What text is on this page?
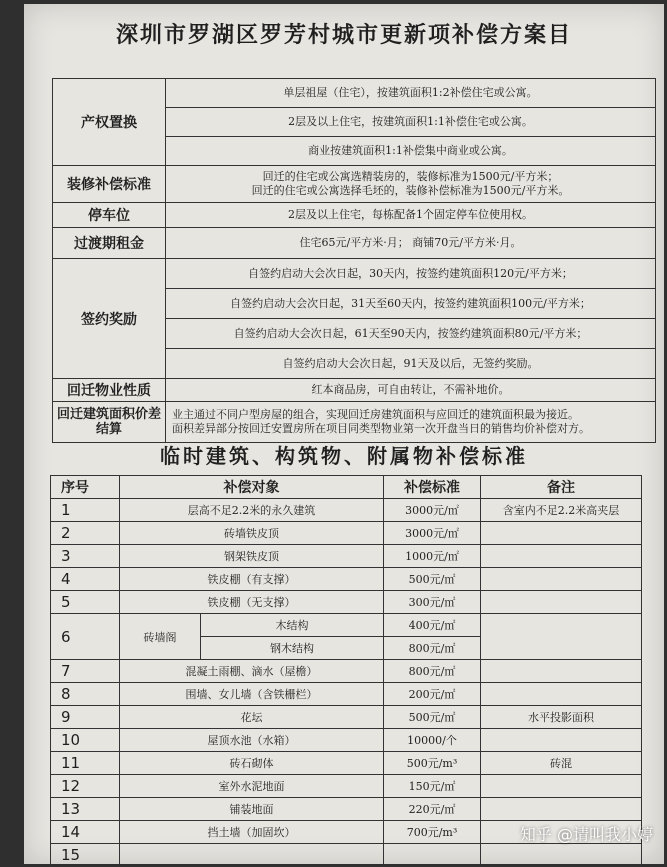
深圳市罗湖区罗芳村城市更新项补偿方案目
产权置换	单层祖屋（住宅），按建筑面积1:2补偿住宅或公寓。
	2层及以上住宅，按建筑面积1:1补偿住宅或公寓。
	商业按建筑面积1:1补偿集中商业或公寓。
装修补偿标准	回迁的住宅或公寓选精装房的，装修标准为1500元/平方米；
回迁的住宅或公寓选择毛坯的，装修补偿标准为1500元/平方米。

停车位	2层及以上住宅，每栋配备1个固定停车位使用权。
过渡期租金	住宅65元/平方米·月； 商铺70元/平方米·月。
签约奖励	自签约启动大会次日起，30天内，按签约建筑面积120元/平方米；
	自签约启动大会次日起，31天至60天内，按签约建筑面积100元/平方米；
	自签约启动大会次日起，61天至90天内，按签约建筑面积80元/平方米；
	自签约启动大会次日起，91天及以后，无签约奖励。
回迁物业性质	红本商品房，可自由转让，不需补地价。
回迁建筑面积价差结算	业主通过不同户型房屋的组合，实现回迁房建筑面积与应回迁的建筑面积最为接近。
面积差异部分按回迁安置房所在项目同类型物业第一次开盘当日的销售均价补偿对方。
临时建筑、构筑物、附属物补偿标准
序号	补偿对象		补偿标准	备注
1	层高不足2.2米的永久建筑		3000元/㎡	含室内不足2.2米高夹层
2	砖墙铁皮顶		3000元/㎡	
3	钢架铁皮顶		1000元/㎡	
4	铁皮棚（有支撑）		500元/㎡	
5	铁皮棚（无支撑）		300元/㎡	
6	砖墙阁	木结构	400元/㎡	
		钢木结构	800元/㎡	
7	混凝土雨棚、滴水（屋檐）		800元/㎡	
8	围墙、女儿墙（含铁栅栏）		200元/㎡	
9	花坛		500元/㎡	水平投影面积
10	屋顶水池（水箱）		10000/个	
11	砖石砌体		500元/m³	砖混
12	室外水泥地面		150元/㎡	
13	铺装地面		220元/㎡	
14	挡土墙（加固坎）		700元/m³	
15				
知乎 @请叫我小婷
